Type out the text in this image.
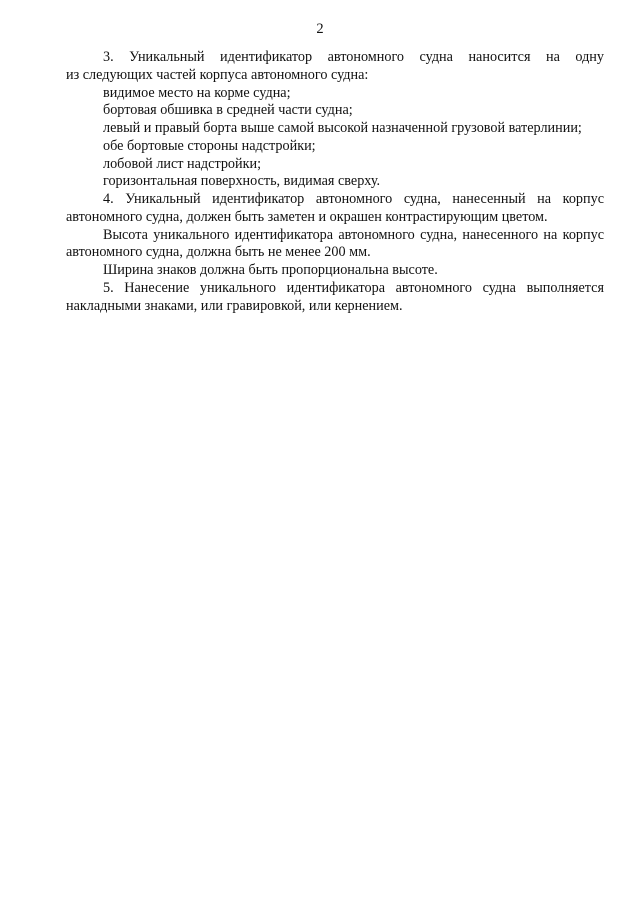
2

3. Уникальный идентификатор автономного судна наносится на одну

из следующих частей корпуса автономного судна:

видимое место на корме судна;

бортовая обшивка в средней части судна;

левый и правый борта выше самой высокой назначенной грузовой ватерлинии;

обе бортовые стороны надстройки;

лобовой лист надстройки;

горизонтальная поверхность, видимая сверху.

4. Уникальный идентификатор автономного судна, нанесенный на корпус автономного судна, должен быть заметен и окрашен контрастирующим цветом.

Высота уникального идентификатора автономного судна, нанесенного на корпус автономного судна, должна быть не менее 200 мм.

Ширина знаков должна быть пропорциональна высоте.

5. Нанесение уникального идентификатора автономного судна выполняется накладными знаками, или гравировкой, или кернением.
